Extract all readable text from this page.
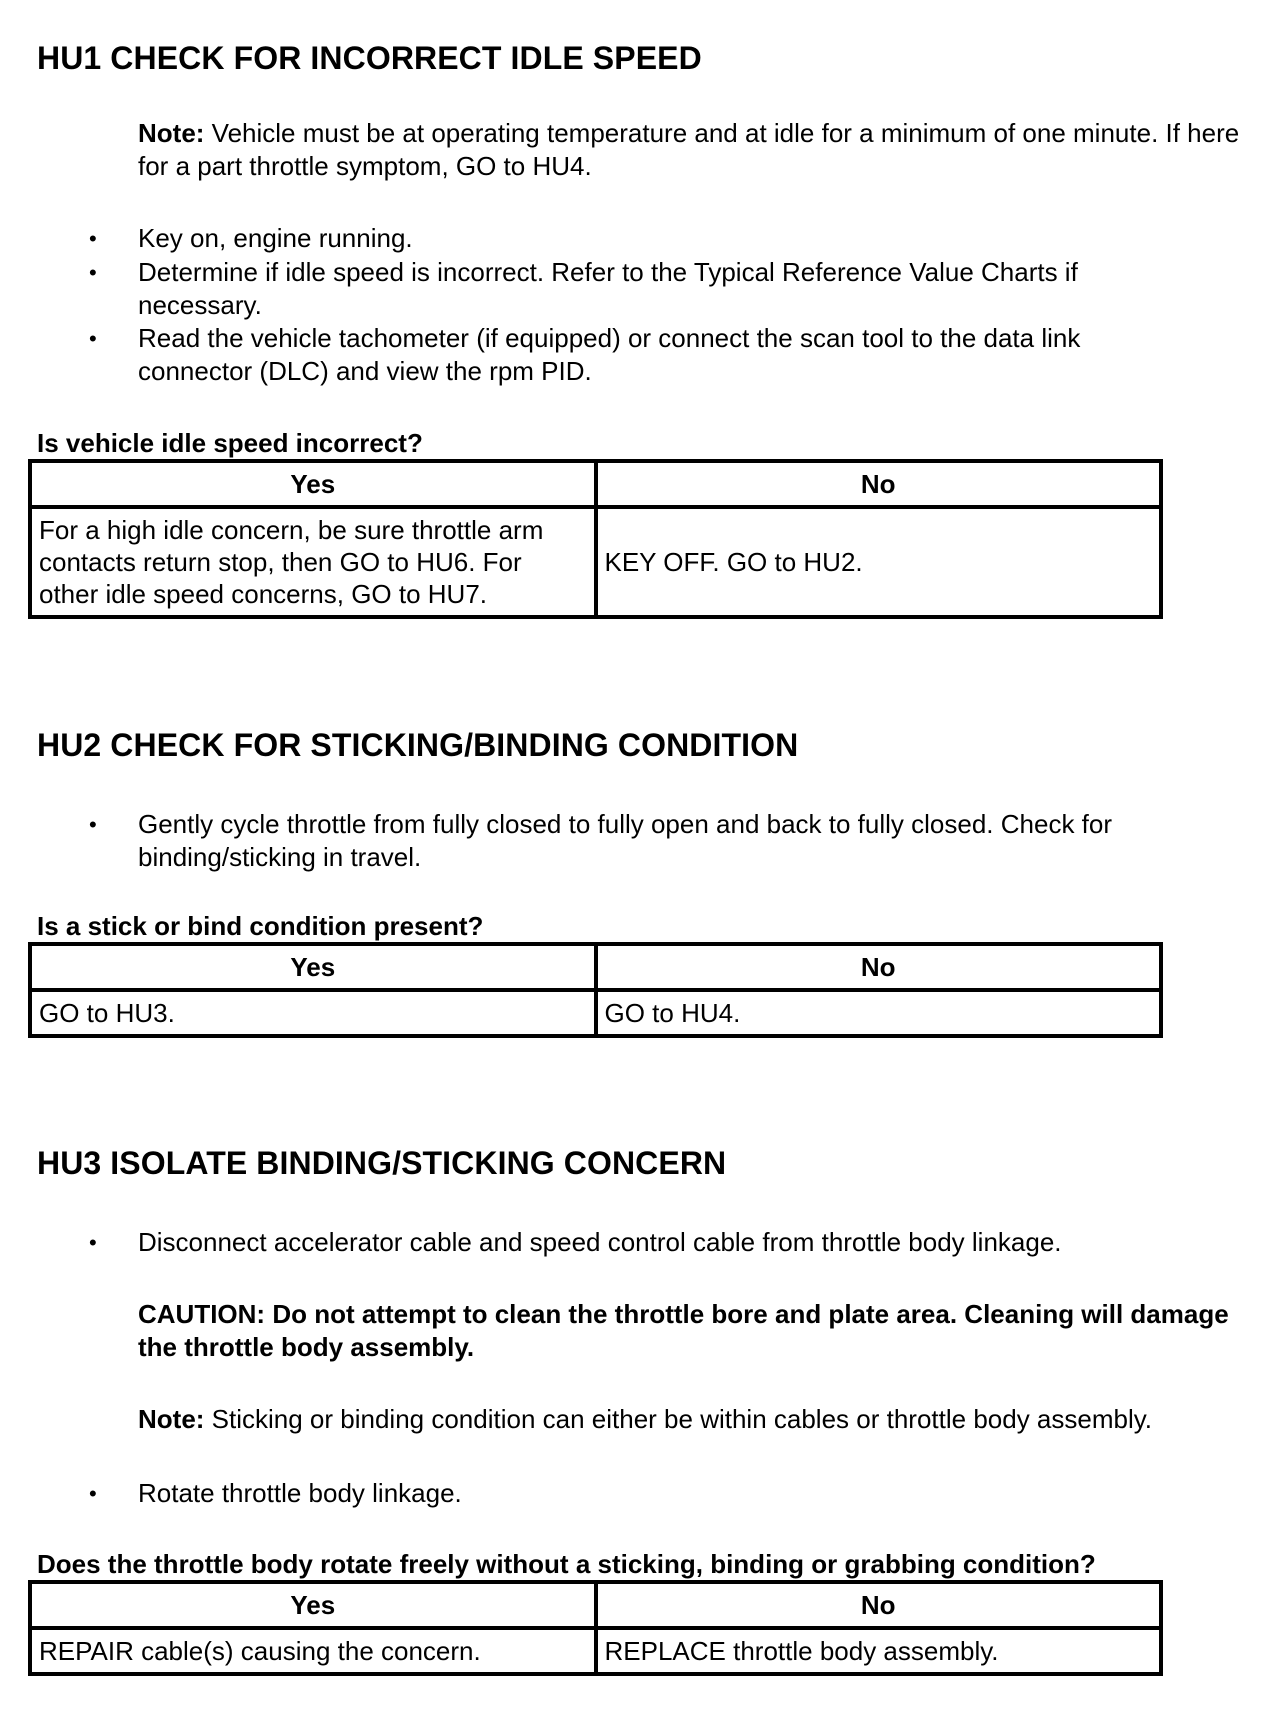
HU1 CHECK FOR INCORRECT IDLE SPEED
Note: Vehicle must be at operating temperature and at idle for a minimum of one minute. If here for a part throttle symptom, GO to HU4.
• Key on, engine running.
• Determine if idle speed is incorrect. Refer to the Typical Reference Value Charts if necessary.
• Read the vehicle tachometer (if equipped) or connect the scan tool to the data link connector (DLC) and view the rpm PID.
Is vehicle idle speed incorrect?
Yes	No
For a high idle concern, be sure throttle arm contacts return stop, then GO to HU6. For other idle speed concerns, GO to HU7.	KEY OFF. GO to HU2.
HU2 CHECK FOR STICKING/BINDING CONDITION
• Gently cycle throttle from fully closed to fully open and back to fully closed. Check for binding/sticking in travel.
Is a stick or bind condition present?
Yes	No
GO to HU3.	GO to HU4.
HU3 ISOLATE BINDING/STICKING CONCERN
• Disconnect accelerator cable and speed control cable from throttle body linkage.
CAUTION: Do not attempt to clean the throttle bore and plate area. Cleaning will damage the throttle body assembly.
Note: Sticking or binding condition can either be within cables or throttle body assembly.
• Rotate throttle body linkage.
Does the throttle body rotate freely without a sticking, binding or grabbing condition?
Yes	No
REPAIR cable(s) causing the concern.	REPLACE throttle body assembly.
